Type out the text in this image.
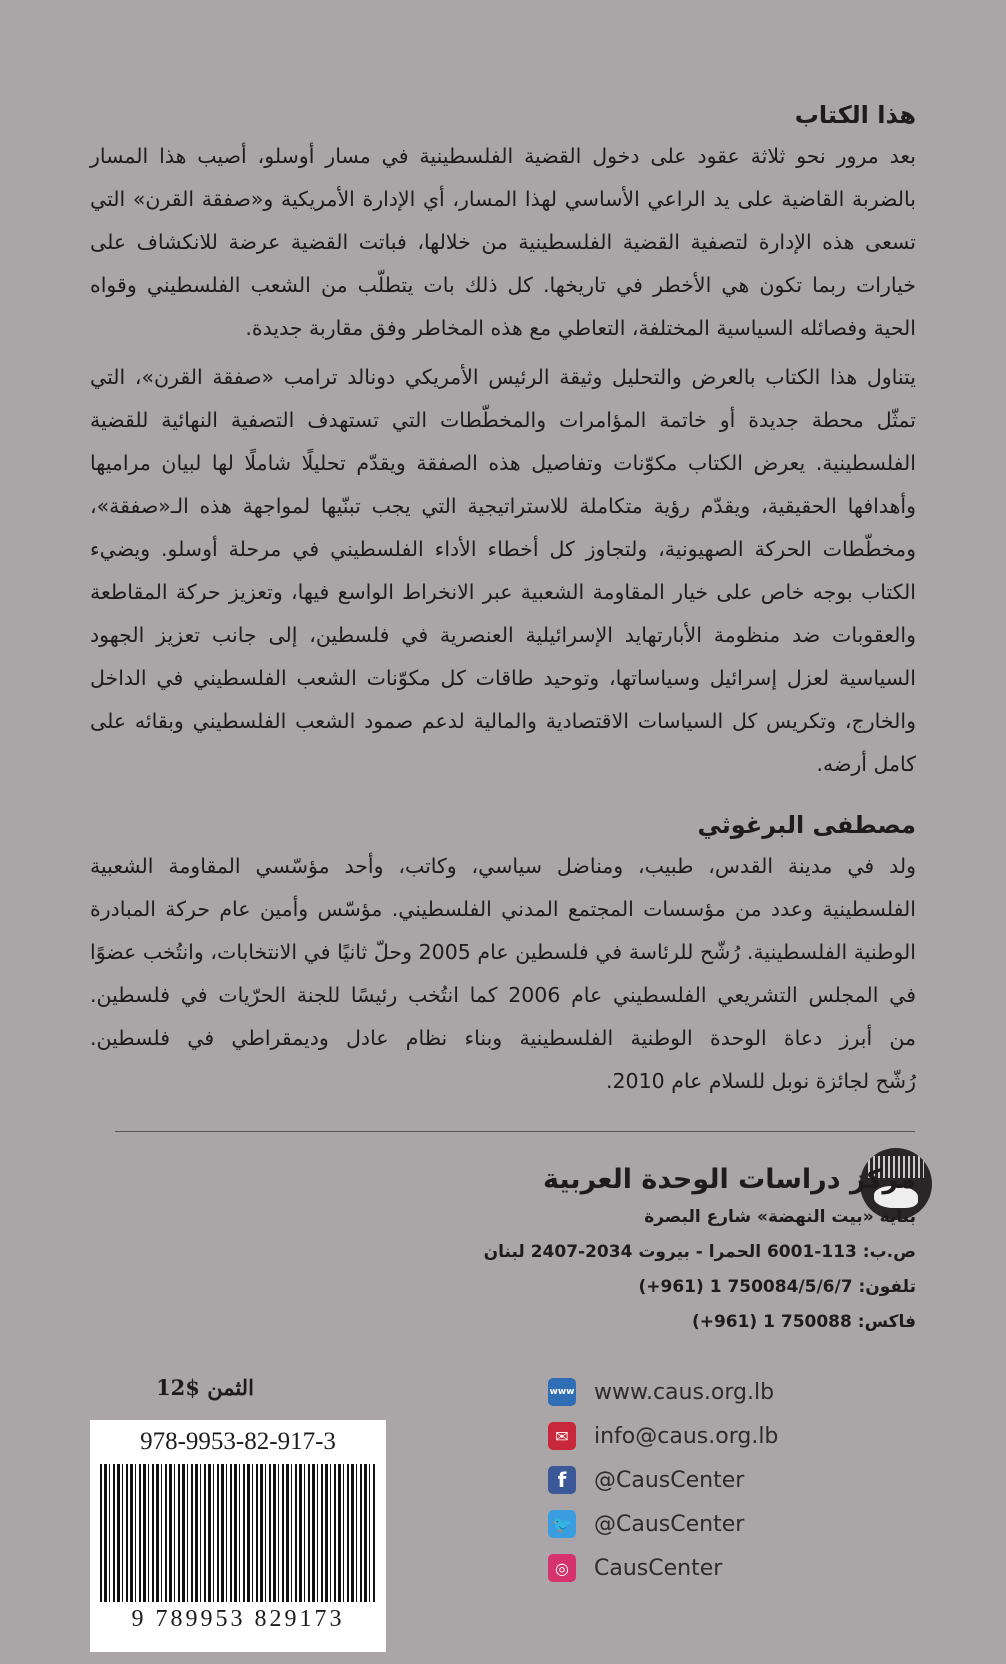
هذا الكتاب
بعد مرور نحو ثلاثة عقود على دخول القضية الفلسطينية في مسار أوسلو، أصيب هذا المسار
بالضربة القاضية على يد الراعي الأساسي لهذا المسار، أي الإدارة الأمريكية و«صفقة القرن» التي
تسعى هذه الإدارة لتصفية القضية الفلسطينية من خلالها، فباتت القضية عرضة للانكشاف على
خيارات ربما تكون هي الأخطر في تاريخها. كل ذلك بات يتطلّب من الشعب الفلسطيني وقواه
الحية وفصائله السياسية المختلفة، التعاطي مع هذه المخاطر وفق مقاربة جديدة.
يتناول هذا الكتاب بالعرض والتحليل وثيقة الرئيس الأمريكي دونالد ترامب «صفقة القرن»، التي
تمثّل محطة جديدة أو خاتمة المؤامرات والمخطّطات التي تستهدف التصفية النهائية للقضية
الفلسطينية. يعرض الكتاب مكوّنات وتفاصيل هذه الصفقة ويقدّم تحليلًا شاملًا لها لبيان مراميها
وأهدافها الحقيقية، ويقدّم رؤية متكاملة للاستراتيجية التي يجب تبنّيها لمواجهة هذه الـ«صفقة»،
ومخطّطات الحركة الصهيونية، ولتجاوز كل أخطاء الأداء الفلسطيني في مرحلة أوسلو. ويضيء
الكتاب بوجه خاص على خيار المقاومة الشعبية عبر الانخراط الواسع فيها، وتعزيز حركة المقاطعة
والعقوبات ضد منظومة الأبارتهايد الإسرائيلية العنصرية في فلسطين، إلى جانب تعزيز الجهود
السياسية لعزل إسرائيل وسياساتها، وتوحيد طاقات كل مكوّنات الشعب الفلسطيني في الداخل
والخارج، وتكريس كل السياسات الاقتصادية والمالية لدعم صمود الشعب الفلسطيني وبقائه على
كامل أرضه.
مصطفى البرغوثي
ولد في مدينة القدس، طبيب، ومناضل سياسي، وكاتب، وأحد مؤسّسي المقاومة الشعبية
الفلسطينية وعدد من مؤسسات المجتمع المدني الفلسطيني. مؤسّس وأمين عام حركة المبادرة
الوطنية الفلسطينية. رُشّح للرئاسة في فلسطين عام 2005 وحلّ ثانيًا في الانتخابات، وانتُخب عضوًا
في المجلس التشريعي الفلسطيني عام 2006 كما انتُخب رئيسًا للجنة الحرّيات في فلسطين.
من أبرز دعاة الوحدة الوطنية الفلسطينية وبناء نظام عادل وديمقراطي في فلسطين.
رُشّح لجائزة نوبل للسلام عام 2010.
مركز دراسات الوحدة العربية
بناية «بيت النهضة» شارع البصرة
ص.ب: 113-6001 الحمرا - بيروت 2034-2407 لبنان
تلفون: (+961) 1 750084/5/6/7
فاكس: (+961) 1 750088
www www.caus.org.lb
✉	info@caus.org.lb
f	@CausCenter
🐦 @CausCenter
◎	CausCenter
الثمن $12
978-9953-82-917-3
9 789953 829173
